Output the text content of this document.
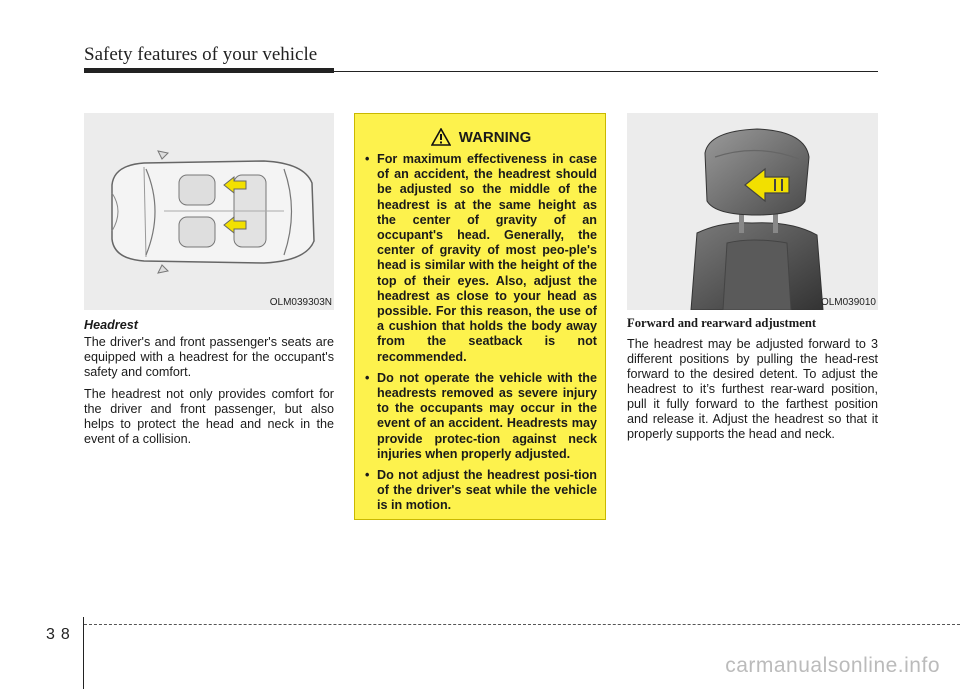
Safety features of your vehicle
OLM039303N

Headrest

The driver's and front passenger's seats are equipped with a headrest for the occupant's safety and comfort.

The headrest not only provides comfort for the driver and front passenger, but also helps to protect the head and neck in the event of a collision.

WARNING
• For maximum effectiveness in case of an accident, the headrest should be adjusted so the middle of the headrest is at the same height as the center of gravity of an occupant's head. Generally, the center of gravity of most peo-ple's head is similar with the height of the top of their eyes. Also, adjust the headrest as close to your head as possible. For this reason, the use of a cushion that holds the body away from the seatback is not recommended.
• Do not operate the vehicle with the headrests removed as severe injury to the occupants may occur in the event of an accident. Headrests may provide protec-tion against neck injuries when properly adjusted.
• Do not adjust the headrest posi-tion of the driver's seat while the vehicle is in motion.
OLM039010

Forward and rearward adjustment

The headrest may be adjusted forward to 3 different positions by pulling the head-rest forward to the desired detent. To adjust the headrest to it’s furthest rear-ward position, pull it fully forward to the farthest position and release it. Adjust the headrest so that it properly supports the head and neck.

38
carmanualsonline.info
